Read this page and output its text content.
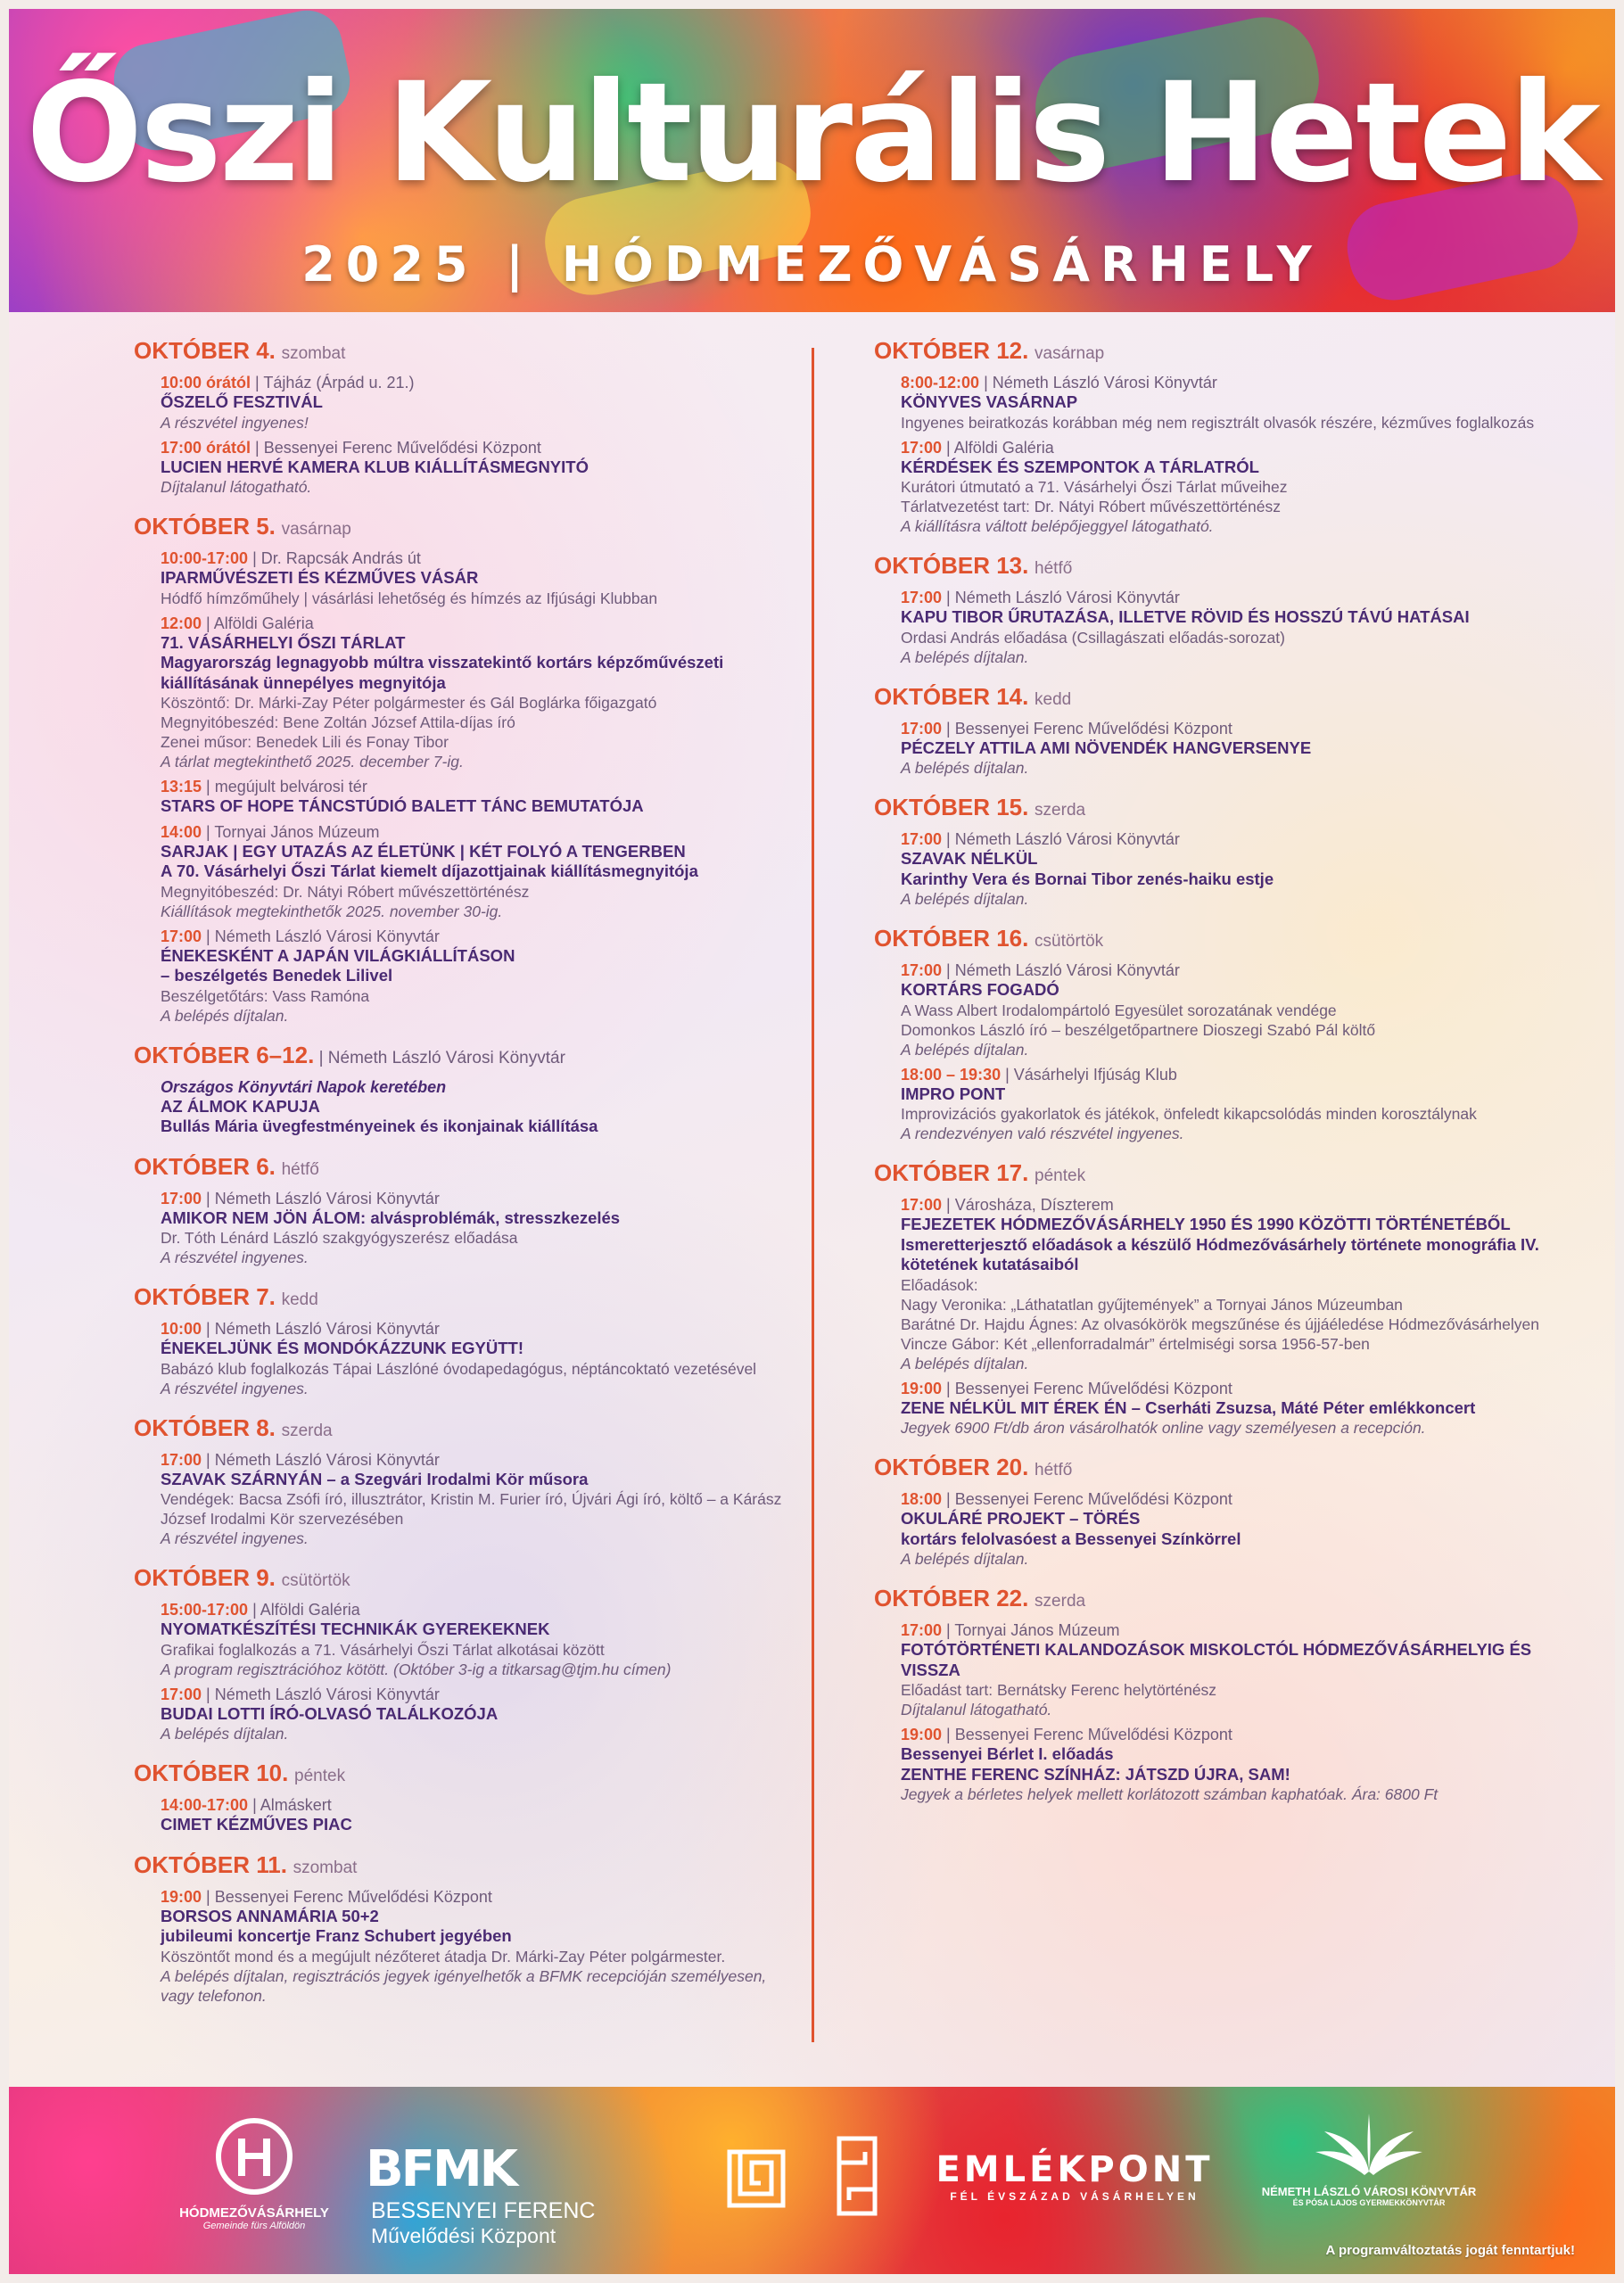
Őszi Kulturális Hetek
2025 | HÓDMEZŐVÁSÁRHELY
OKTÓBER 4. szombat
10:00 órától | Tájház (Árpád u. 21.)
ŐSZELŐ FESZTIVÁL
A részvétel ingyenes!
17:00 órától | Bessenyei Ferenc Művelődési Központ
LUCIEN HERVÉ KAMERA KLUB KIÁLLÍTÁSMEGNYITÓ
Díjtalanul látogatható.
OKTÓBER 5. vasárnap
10:00-17:00 | Dr. Rapcsák András út
IPARMŰVÉSZETI ÉS KÉZMŰVES VÁSÁR
Hódfő hímzőműhely | vásárlási lehetőség és hímzés az Ifjúsági Klubban
12:00 | Alföldi Galéria
71. VÁSÁRHELYI ŐSZI TÁRLAT
Magyarország legnagyobb múltra visszatekintő kortárs képzőművészeti kiállításának ünnepélyes megnyitója
Köszöntő: Dr. Márki-Zay Péter polgármester és Gál Boglárka főigazgató
Megnyitóbeszéd: Bene Zoltán József Attila-díjas író
Zenei műsor: Benedek Lili és Fonay Tibor
A tárlat megtekinthető 2025. december 7-ig.
13:15 | megújult belvárosi tér
STARS OF HOPE TÁNCSTÚDIÓ BALETT TÁNC BEMUTATÓJA
14:00 | Tornyai János Múzeum
SARJAK | EGY UTAZÁS AZ ÉLETÜNK | KÉT FOLYÓ A TENGERBEN
A 70. Vásárhelyi Őszi Tárlat kiemelt díjazottjainak kiállításmegnyitója
Megnyitóbeszéd: Dr. Nátyi Róbert művészettörténész
Kiállítások megtekinthetők 2025. november 30-ig.
17:00 | Németh László Városi Könyvtár
ÉNEKESKÉNT A JAPÁN VILÁGKIÁLLÍTÁSON
– beszélgetés Benedek Lilivel
Beszélgetőtárs: Vass Ramóna
A belépés díjtalan.
OKTÓBER 6–12. | Németh László Városi Könyvtár
Országos Könyvtári Napok keretében
AZ ÁLMOK KAPUJA
Bullás Mária üvegfestményeinek és ikonjainak kiállítása
OKTÓBER 6. hétfő
17:00 | Németh László Városi Könyvtár
AMIKOR NEM JÖN ÁLOM: alvásproblémák, stresszkezelés
Dr. Tóth Lénárd László szakgyógyszerész előadása
A részvétel ingyenes.
OKTÓBER 7. kedd
10:00 | Németh László Városi Könyvtár
ÉNEKELJÜNK ÉS MONDÓKÁZZUNK EGYÜTT!
Babázó klub foglalkozás Tápai Lászlóné óvodapedagógus, néptáncoktató vezetésével
A részvétel ingyenes.
OKTÓBER 8. szerda
17:00 | Németh László Városi Könyvtár
SZAVAK SZÁRNYÁN – a Szegvári Irodalmi Kör műsora
Vendégek: Bacsa Zsófi író, illusztrátor, Kristin M. Furier író, Újvári Ági író, költő – a Kárász József Irodalmi Kör szervezésében
A részvétel ingyenes.
OKTÓBER 9. csütörtök
15:00-17:00 | Alföldi Galéria
NYOMATKÉSZÍTÉSI TECHNIKÁK GYEREKEKNEK
Grafikai foglalkozás a 71. Vásárhelyi Őszi Tárlat alkotásai között
A program regisztrációhoz kötött. (Október 3-ig a titkarsag@tjm.hu címen)
17:00 | Németh László Városi Könyvtár
BUDAI LOTTI ÍRÓ-OLVASÓ TALÁLKOZÓJA
A belépés díjtalan.
OKTÓBER 10. péntek
14:00-17:00 | Almáskert
CIMET KÉZMŰVES PIAC
OKTÓBER 11. szombat
19:00 | Bessenyei Ferenc Művelődési Központ
BORSOS ANNAMÁRIA 50+2
jubileumi koncertje Franz Schubert jegyében
Köszöntőt mond és a megújult nézőteret átadja Dr. Márki-Zay Péter polgármester.
A belépés díjtalan, regisztrációs jegyek igényelhetők a BFMK recepcióján személyesen, vagy telefonon.
OKTÓBER 12. vasárnap
8:00-12:00 | Németh László Városi Könyvtár
KÖNYVES VASÁRNAP
Ingyenes beiratkozás korábban még nem regisztrált olvasók részére, kézműves foglalkozás
17:00 | Alföldi Galéria
KÉRDÉSEK ÉS SZEMPONTOK A TÁRLATRÓL
Kurátori útmutató a 71. Vásárhelyi Őszi Tárlat műveihez
Tárlatvezetést tart: Dr. Nátyi Róbert művészettörténész
A kiállításra váltott belépőjeggyel látogatható.
OKTÓBER 13. hétfő
17:00 | Németh László Városi Könyvtár
KAPU TIBOR ŰRUTAZÁSA, ILLETVE RÖVID ÉS HOSSZÚ TÁVÚ HATÁSAI
Ordasi András előadása (Csillagászati előadás-sorozat)
A belépés díjtalan.
OKTÓBER 14. kedd
17:00 | Bessenyei Ferenc Művelődési Központ
PÉCZELY ATTILA AMI NÖVENDÉK HANGVERSENYE
A belépés díjtalan.
OKTÓBER 15. szerda
17:00 | Németh László Városi Könyvtár
SZAVAK NÉLKÜL
Karinthy Vera és Bornai Tibor zenés-haiku estje
A belépés díjtalan.
OKTÓBER 16. csütörtök
17:00 | Németh László Városi Könyvtár
KORTÁRS FOGADÓ
A Wass Albert Irodalompártoló Egyesület sorozatának vendége
Domonkos László író – beszélgetőpartnere Dioszegi Szabó Pál költő
A belépés díjtalan.
18:00 – 19:30 | Vásárhelyi Ifjúság Klub
IMPRO PONT
Improvizációs gyakorlatok és játékok, önfeledt kikapcsolódás minden korosztálynak
A rendezvényen való részvétel ingyenes.
OKTÓBER 17. péntek
17:00 | Városháza, Díszterem
FEJEZETEK HÓDMEZŐVÁSÁRHELY 1950 ÉS 1990 KÖZÖTTI TÖRTÉNETÉBŐL
Ismeretterjesztő előadások a készülő Hódmezővásárhely története monográfia IV. kötetének kutatásaiból
Előadások:
Nagy Veronika: „Láthatatlan gyűjtemények” a Tornyai János Múzeumban
Barátné Dr. Hajdu Ágnes: Az olvasókörök megszűnése és újjáéledése Hódmezővásárhelyen
Vincze Gábor: Két „ellenforradalmár” értelmiségi sorsa 1956-57-ben
A belépés díjtalan.
19:00 | Bessenyei Ferenc Művelődési Központ
ZENE NÉLKÜL MIT ÉREK ÉN – Cserháti Zsuzsa, Máté Péter emlékkoncert
Jegyek 6900 Ft/db áron vásárolhatók online vagy személyesen a recepción.
OKTÓBER 20. hétfő
18:00 | Bessenyei Ferenc Művelődési Központ
OKULÁRÉ PROJEKT – TÖRÉS
kortárs felolvasóest a Bessenyei Színkörrel
A belépés díjtalan.
OKTÓBER 22. szerda
17:00 | Tornyai János Múzeum
FOTÓTÖRTÉNETI KALANDOZÁSOK MISKOLCTÓL HÓDMEZŐVÁSÁRHELYIG ÉS VISSZA
Előadást tart: Bernátsky Ferenc helytörténész
Díjtalanul látogatható.
19:00 | Bessenyei Ferenc Művelődési Központ
Bessenyei Bérlet I. előadás
ZENTHE FERENC SZÍNHÁZ: JÁTSZD ÚJRA, SAM!
Jegyek a bérletes helyek mellett korlátozott számban kaphatóak. Ára: 6800 Ft
HÓDMEZŐVÁSÁRHELY
Gemeinde fürs Alföldön
BFMK
BESSENYEI FERENC
Művelődési Központ
EMLÉKPONT
FÉL ÉVSZÁZAD VÁSÁRHELYEN	NÉMETH LÁSZLÓ VÁROSI KÖNYVTÁR
ÉS PÓSA LAJOS GYERMEKKÖNYVTÁR
A programváltoztatás jogát fenntartjuk!
